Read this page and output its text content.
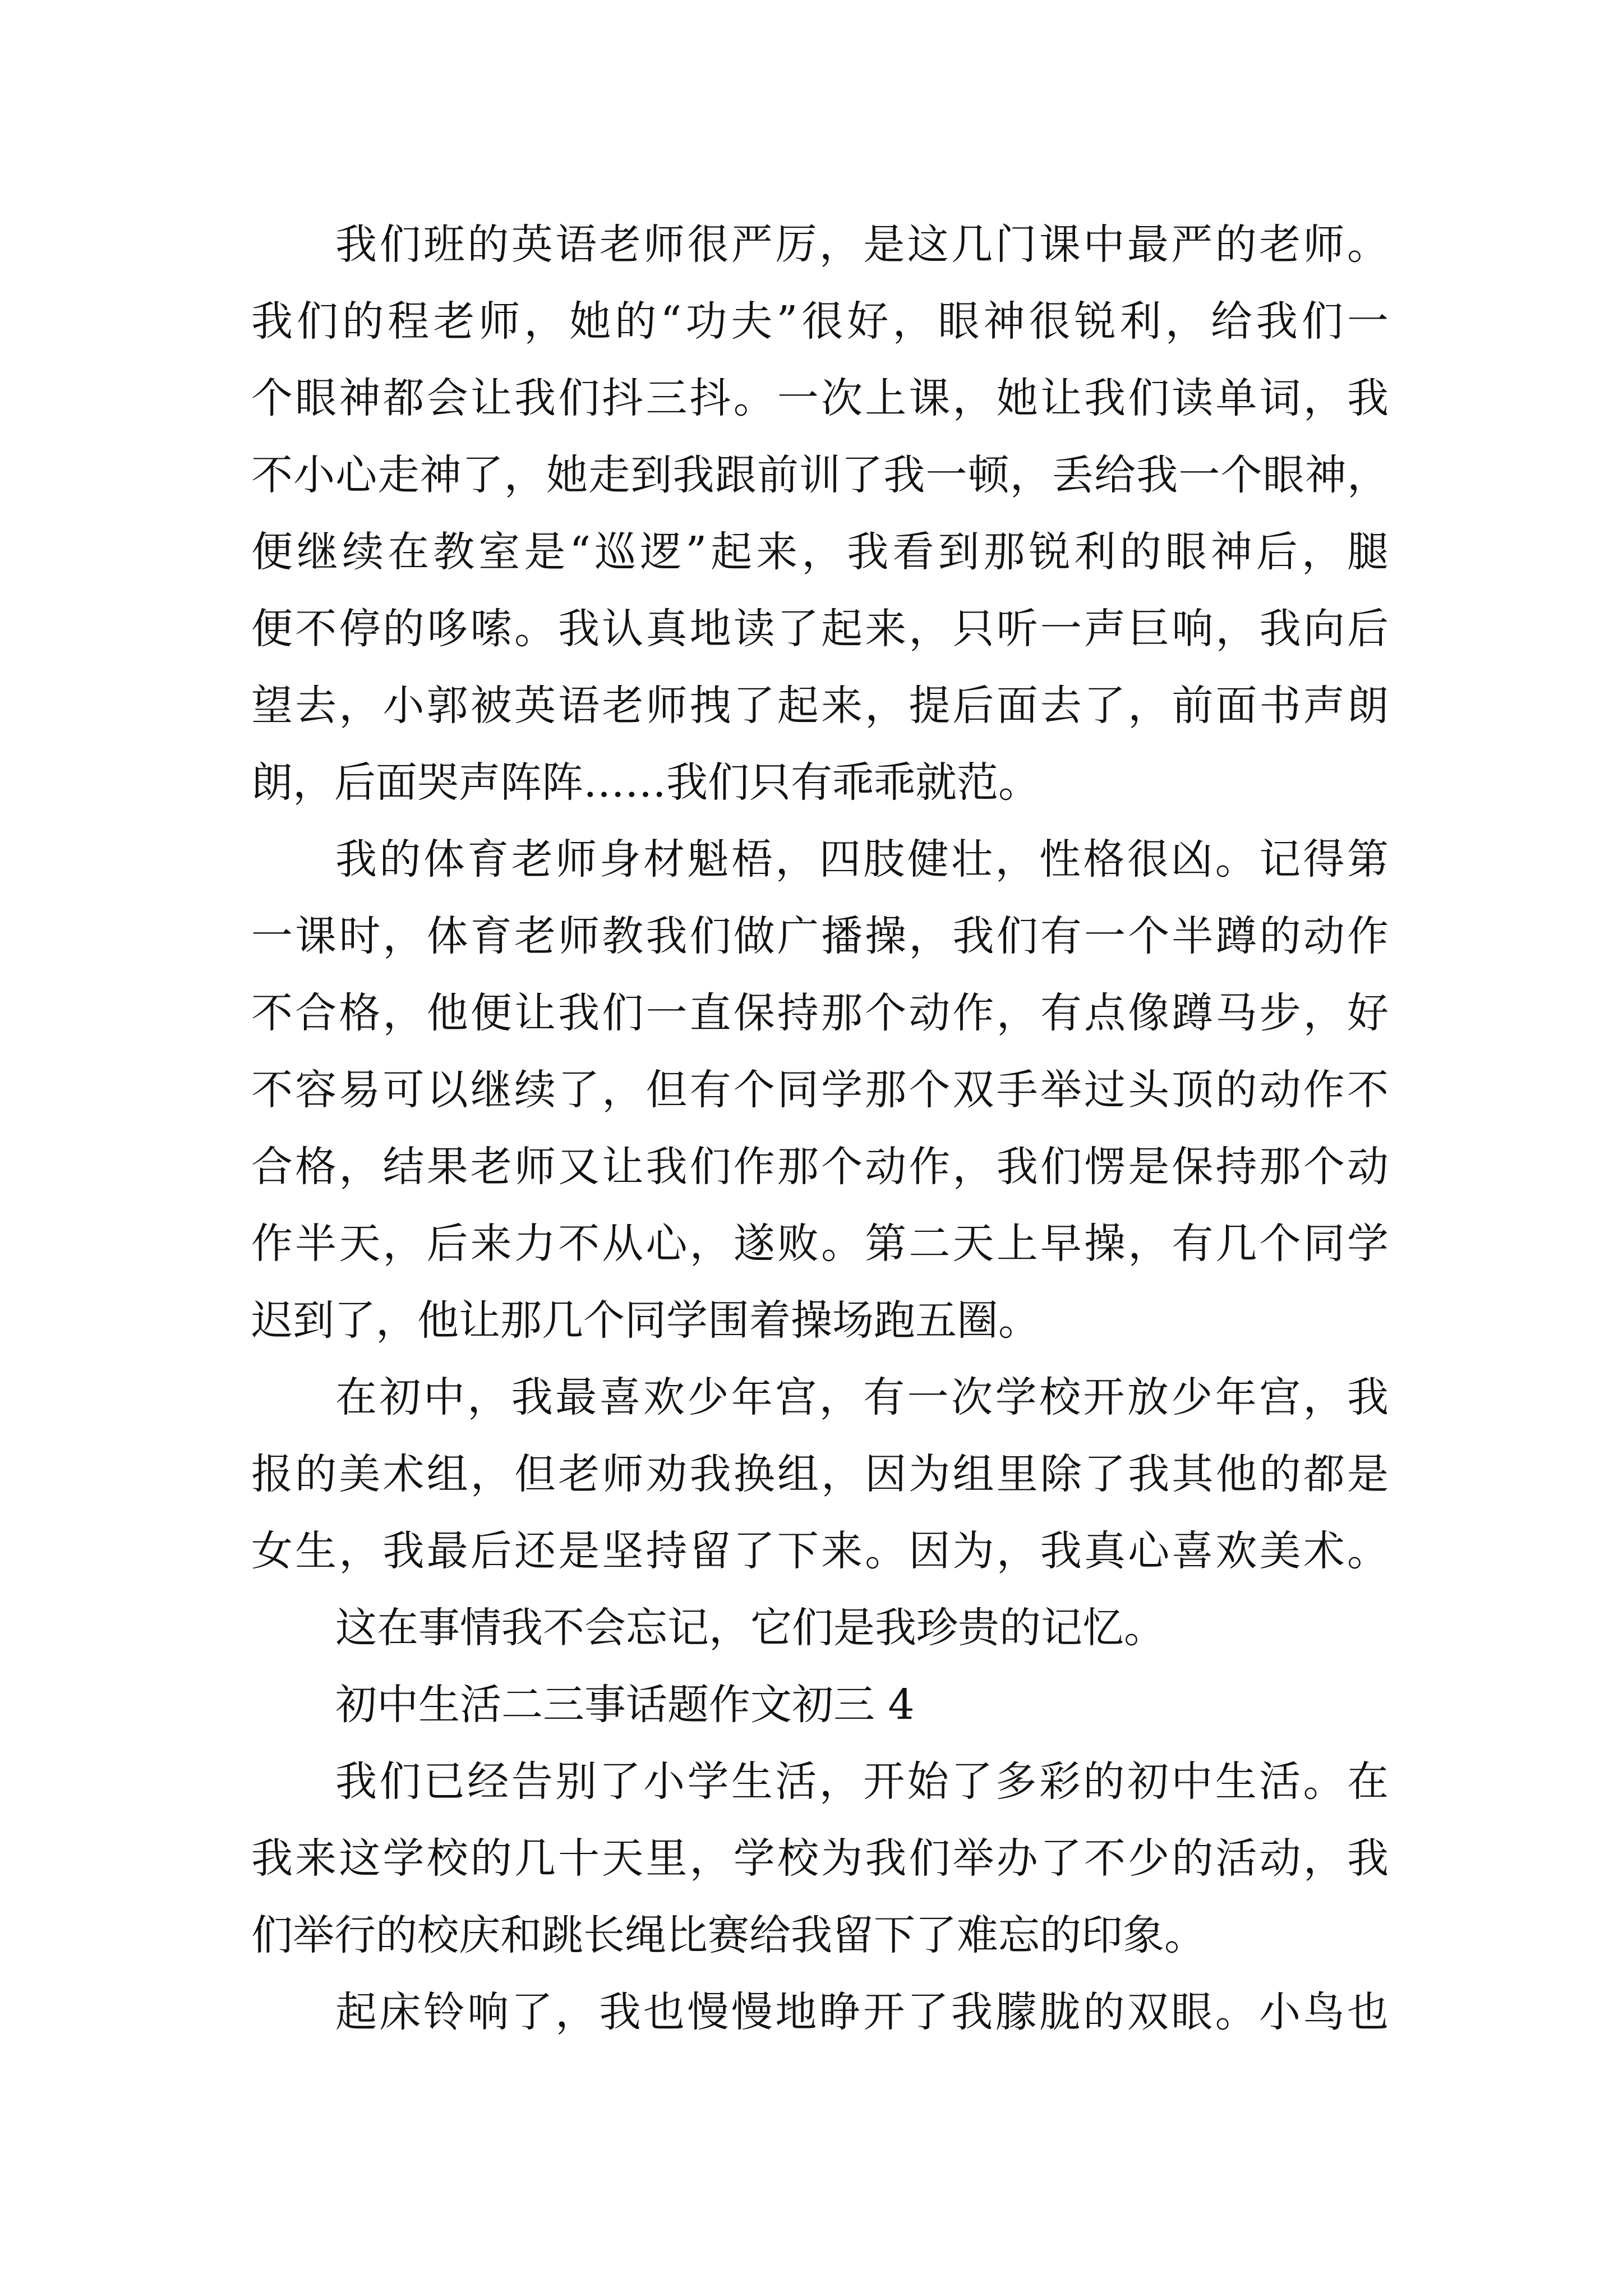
我们班的英语老师很严厉，是这几门课中最严的老师。
我们的程老师，她的“功夫”很好，眼神很锐利，给我们一
个眼神都会让我们抖三抖。一次上课，她让我们读单词，我
不小心走神了，她走到我跟前训了我一顿，丢给我一个眼神，
便继续在教室是“巡逻”起来，我看到那锐利的眼神后，腿
便不停的哆嗦。我认真地读了起来，只听一声巨响，我向后
望去，小郭被英语老师拽了起来，提后面去了，前面书声朗
朗，后面哭声阵阵……我们只有乖乖就范。
我的体育老师身材魁梧，四肢健壮，性格很凶。记得第
一课时，体育老师教我们做广播操，我们有一个半蹲的动作
不合格，他便让我们一直保持那个动作，有点像蹲马步，好
不容易可以继续了，但有个同学那个双手举过头顶的动作不
合格，结果老师又让我们作那个动作，我们愣是保持那个动
作半天，后来力不从心，遂败。第二天上早操，有几个同学
迟到了，他让那几个同学围着操场跑五圈。
在初中，我最喜欢少年宫，有一次学校开放少年宫，我
报的美术组，但老师劝我换组，因为组里除了我其他的都是
女生，我最后还是坚持留了下来。因为，我真心喜欢美术。
这在事情我不会忘记，它们是我珍贵的记忆。
初中生活二三事话题作文初三 4
我们已经告别了小学生活，开始了多彩的初中生活。在
我来这学校的几十天里，学校为我们举办了不少的活动，我
们举行的校庆和跳长绳比赛给我留下了难忘的印象。
起床铃响了，我也慢慢地睁开了我朦胧的双眼。小鸟也
